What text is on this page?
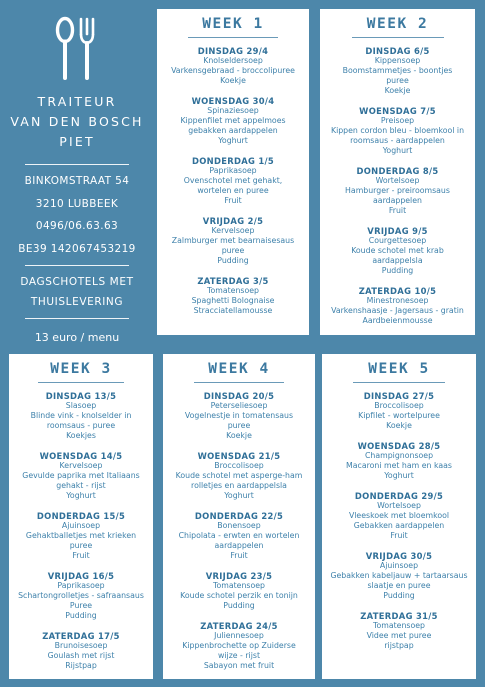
TRAITEUR
VAN DEN BOSCH
PIET
BINKOMSTRAAT 54
3210 LUBBEEK
0496/06.63.63
BE39 142067453219
DAGSCHOTELS MET
THUISLEVERING
13 euro / menu
WEEK 1
DINSDAG 29/4
Knolseldersoep
Varkensgebraad - broccolipuree
Koekje
WOENSDAG 30/4
Spinaziesoep
Kippenfilet met appelmoes
gebakken aardappelen
Yoghurt
DONDERDAG 1/5
Paprikasoep
Ovenschotel met gehakt,
wortelen en puree
Fruit
VRIJDAG 2/5
Kervelsoep
Zalmburger met bearnaisesaus
puree
Pudding
ZATERDAG 3/5
Tomatensoep
Spaghetti Bolognaise
Stracciatellamousse
WEEK 2
DINSDAG 6/5
Kippensoep
Boomstammetjes - boontjes
puree
Koekje
WOENSDAG 7/5
Preisoep
Kippen cordon bleu - bloemkool in
roomsaus - aardappelen
Yoghurt
DONDERDAG 8/5
Wortelsoep
Hamburger - preiroomsaus
aardappelen
Fruit
VRIJDAG 9/5
Courgettesoep
Koude schotel met krab
aardappelsla
Pudding
ZATERDAG 10/5
Minestronesoep
Varkenshaasje - Jagersaus - gratin
Aardbeienmousse
WEEK 3
DINSDAG 13/5
Slasoep
Blinde vink - knolselder in
roomsaus - puree
Koekjes
WOENSDAG 14/5
Kervelsoep
Gevulde paprika met Italiaans
gehakt - rijst
Yoghurt
DONDERDAG 15/5
Ajuinsoep
Gehaktballetjes met krieken
puree
Fruit
VRIJDAG 16/5
Paprikasoep
Schartongrolletjes - safraansaus
Puree
Pudding
ZATERDAG 17/5
Brunoisesoep
Goulash met rijst
Rijstpap
WEEK 4
DINSDAG 20/5
Peterseliesoep
Vogelnestje in tomatensaus
puree
Koekje
WOENSDAG 21/5
Broccolisoep
Koude schotel met asperge-ham
rolletjes en aardappelsla
Yoghurt
DONDERDAG 22/5
Bonensoep
Chipolata - erwten en wortelen
aardappelen
Fruit
VRIJDAG 23/5
Tomatensoep
Koude schotel perzik en tonijn
Pudding
ZATERDAG 24/5
Juliennesoep
Kippenbrochette op Zuiderse
wijze - rijst
Sabayon met fruit
WEEK 5
DINSDAG 27/5
Broccolisoep
Kipfilet - wortelpuree
Koekje
WOENSDAG 28/5
Champignonsoep
Macaroni met ham en kaas
Yoghurt
DONDERDAG 29/5
Wortelsoep
Vleeskoek met bloemkool
Gebakken aardappelen
Fruit
VRIJDAG 30/5
Ajuinsoep
Gebakken kabeljauw + tartaarsaus
slaatje en puree
Pudding
ZATERDAG 31/5
Tomatensoep
Videe met puree
rijstpap
